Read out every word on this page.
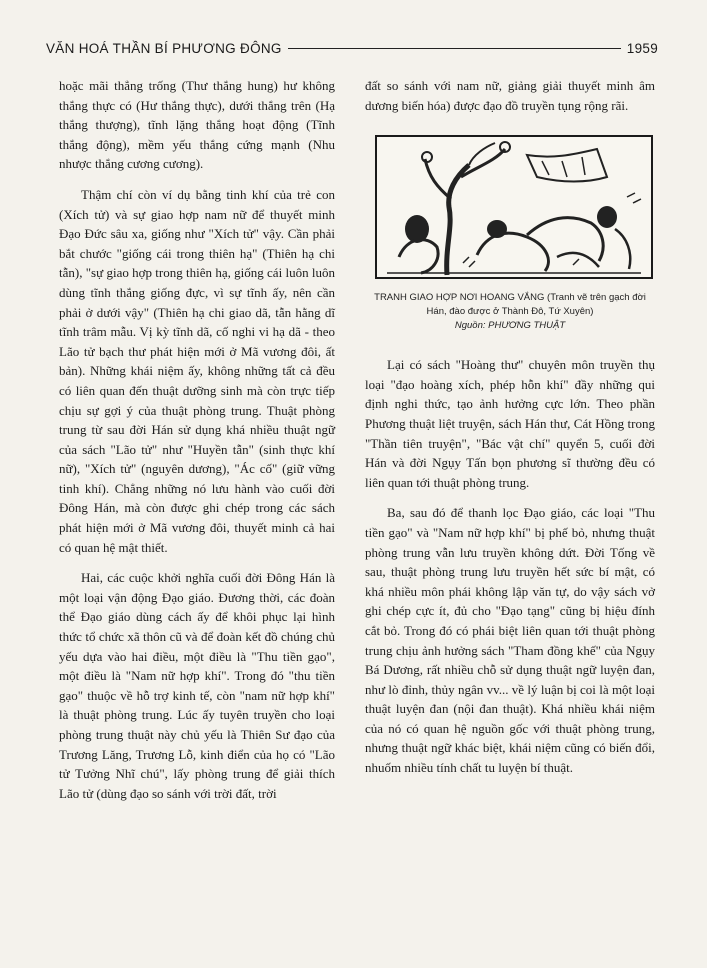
VĂN HOÁ THẦN BÍ PHƯƠNG ĐÔNG	1959

hoặc mãi thẳng trống (Thư thắng hung) hư không thắng thực có (Hư thắng thực), dưới thắng trên (Hạ thắng thượng), tĩnh lặng thắng hoạt động (Tĩnh thắng động), mềm yếu thắng cứng mạnh (Nhu nhược thắng cương cương).

Thậm chí còn ví dụ bằng tinh khí của trẻ con (Xích tử) và sự giao hợp nam nữ để thuyết minh Đạo Đức sâu xa, giống như "Xích tử" vậy. Cần phải bắt chước "giống cái trong thiên hạ" (Thiên hạ chi tẫn), "sự giao hợp trong thiên hạ, giống cái luôn luôn dùng tĩnh thắng giống đực, vì sự tĩnh ấy, nên cần phải ở dưới vậy" (Thiên hạ chi giao dã, tẫn hằng dĩ tĩnh trâm mẫu. Vị kỳ tĩnh dã, cố nghi vi hạ dã - theo Lão tử bạch thư phát hiện mới ở Mã vương đôi, ất bản). Những khái niệm ấy, không những tất cả đều có liên quan đến thuật dưỡng sinh mà còn trực tiếp chịu sự gợi ý của thuật phòng trung. Thuật phòng trung từ sau đời Hán sử dụng khá nhiều thuật ngữ của sách "Lão tử" như "Huyền tẫn" (sinh thực khí nữ), "Xích tử" (nguyên dương), "Ác cố" (giữ vững tinh khí). Chẳng những nó lưu hành vào cuối đời Đông Hán, mà còn được ghi chép trong các sách phát hiện mới ở Mã vương đôi, thuyết minh cả hai có quan hệ mật thiết.

Hai, các cuộc khởi nghĩa cuối đời Đông Hán là một loại vận động Đạo giáo. Đương thời, các đoàn thể Đạo giáo dùng cách ấy để khôi phục lại hình thức tổ chức xã thôn cũ và để đoàn kết đồ chúng chủ yếu dựa vào hai điều, một điều là "Thu tiền gạo", một điều là "Nam nữ hợp khí". Trong đó "thu tiền gạo" thuộc về hỗ trợ kinh tế, còn "nam nữ hợp khí" là thuật phòng trung. Lúc ấy tuyên truyền cho loại phòng trung thuật này chủ yếu là Thiên Sư đạo của Trương Lăng, Trương Lỗ, kinh điển của họ có "Lão tử Tưởng Nhĩ chú", lấy phòng trung để giải thích Lão tử (dùng đạo so sánh với trời đất, trời

đất so sánh với nam nữ, giảng giải thuyết minh âm dương biến hóa) được đạo đồ truyền tụng rộng rãi.

TRANH GIAO HỢP NƠI HOANG VẮNG (Tranh vẽ trên gạch đời Hán, đào được ở Thành Đô, Tứ Xuyên)
Nguồn: PHƯƠNG THUẬT

Lại có sách "Hoàng thư" chuyên môn truyền thụ loại "đạo hoàng xích, phép hỗn khí" đầy những qui định nghi thức, tạo ảnh hưởng cực lớn. Theo phần Phương thuật liệt truyện, sách Hán thư, Cát Hồng trong "Thần tiên truyện", "Bác vật chí" quyển 5, cuối đời Hán và đời Ngụy Tấn bọn phương sĩ thường đều có liên quan tới thuật phòng trung.

Ba, sau đó để thanh lọc Đạo giáo, các loại "Thu tiền gạo" và "Nam nữ hợp khí" bị phế bỏ, nhưng thuật phòng trung vẫn lưu truyền không dứt. Đời Tống về sau, thuật phòng trung lưu truyền hết sức bí mật, có khá nhiều môn phái không lập văn tự, do vậy sách vở ghi chép cực ít, đủ cho "Đạo tạng" cũng bị hiệu đính cắt bỏ. Trong đó có phái biệt liên quan tới thuật phòng trung chịu ảnh hưởng sách "Tham đồng khế" của Ngụy Bá Dương, rất nhiều chỗ sử dụng thuật ngữ luyện đan, như lò đỉnh, thủy ngân vv... về lý luận bị coi là một loại thuật luyện đan (nội đan thuật). Khá nhiều khái niệm của nó có quan hệ nguồn gốc với thuật phòng trung, nhưng thuật ngữ khác biệt, khái niệm cũng có biến đổi, nhuốm nhiều tính chất tu luyện bí thuật.
